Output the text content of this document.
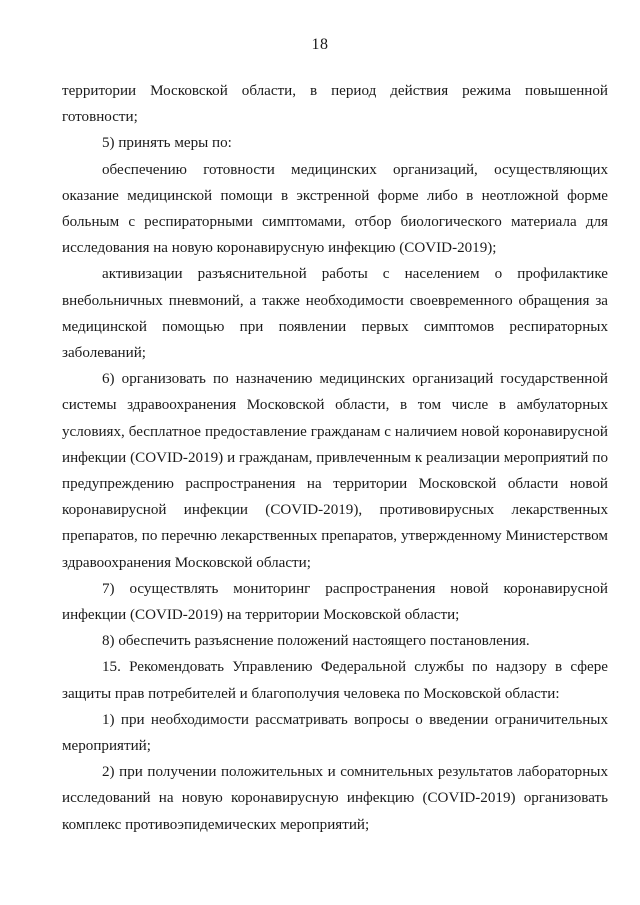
18

территории Московской области, в период действия режима повышенной готовности;

5) принять меры по:

обеспечению готовности медицинских организаций, осуществляющих оказание медицинской помощи в экстренной форме либо в неотложной форме больным с респираторными симптомами, отбор биологического материала для исследования на новую коронавирусную инфекцию (COVID-2019);

активизации разъяснительной работы с населением о профилактике внебольничных пневмоний, а также необходимости своевременного обращения за медицинской помощью при появлении первых симптомов респираторных заболеваний;

6) организовать по назначению медицинских организаций государственной системы здравоохранения Московской области, в том числе в амбулаторных условиях, бесплатное предоставление гражданам с наличием новой коронавирусной инфекции (COVID-2019) и гражданам, привлеченным к реализации мероприятий по предупреждению распространения на территории Московской области новой коронавирусной инфекции (COVID-2019), противовирусных лекарственных препаратов, по перечню лекарственных препаратов, утвержденному Министерством здравоохранения Московской области;

7) осуществлять мониторинг распространения новой коронавирусной инфекции (COVID-2019) на территории Московской области;

8) обеспечить разъяснение положений настоящего постановления.

15. Рекомендовать Управлению Федеральной службы по надзору в сфере защиты прав потребителей и благополучия человека по Московской области:

1) при необходимости рассматривать вопросы о введении ограничительных мероприятий;

2) при получении положительных и сомнительных результатов лабораторных исследований на новую коронавирусную инфекцию (COVID-2019) организовать комплекс противоэпидемических мероприятий;
